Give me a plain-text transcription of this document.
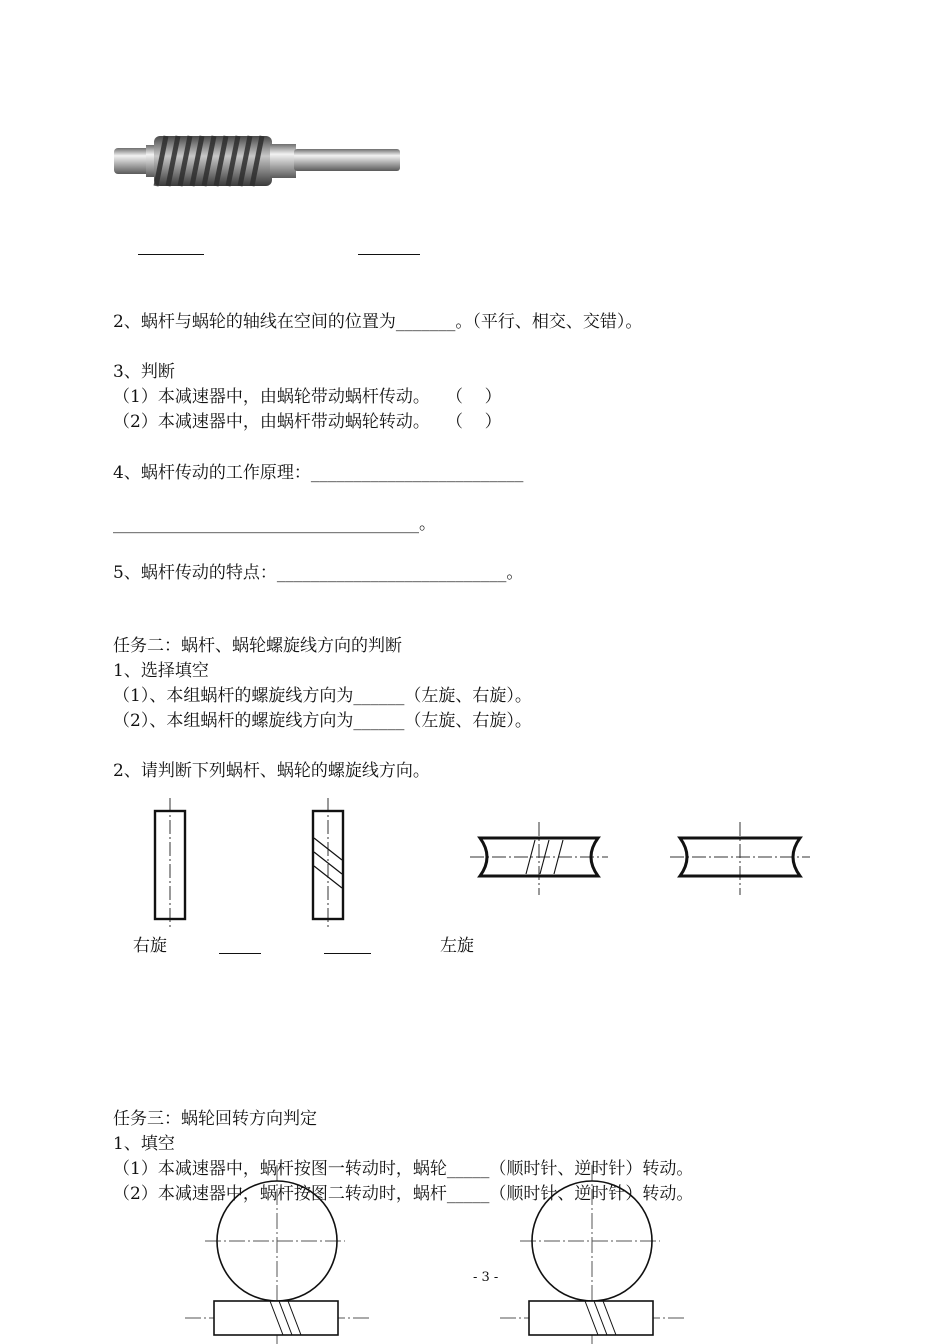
2、蜗杆与蜗轮的轴线在空间的位置为_______。（平行、相交、交错）。
3、判断
（1）本减速器中，由蜗轮带动蜗杆传动。   （    ）
（2）本减速器中，由蜗杆带动蜗轮转动。   （    ）
4、蜗杆传动的工作原理：_________________________
____________________________________。
5、蜗杆传动的特点：___________________________。
任务二：蜗杆、蜗轮螺旋线方向的判断
1、选择填空
（1）、本组蜗杆的螺旋线方向为______（左旋、右旋）。
（2）、本组蜗杆的螺旋线方向为______（左旋、右旋）。
2、请判断下列蜗杆、蜗轮的螺旋线方向。
右旋	左旋
任务三：蜗轮回转方向判定
1、填空
（1）本减速器中，蜗杆按图一转动时，蜗轮_____（顺时针、逆时针）转动。
（2）本减速器中，蜗杆按图二转动时，蜗杆_____（顺时针、逆时针）转动。
- 3 -
